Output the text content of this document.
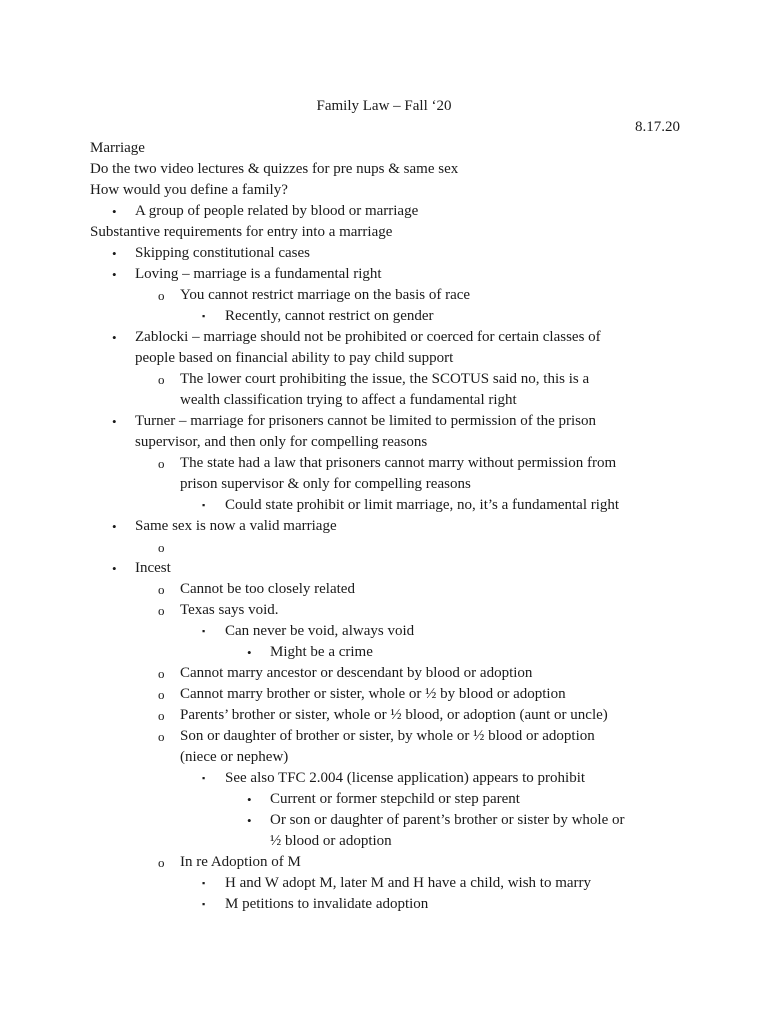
Family Law – Fall ‘20
8.17.20
Marriage
Do the two video lectures & quizzes for pre nups & same sex
How would you define a family?
• A group of people related by blood or marriage
Substantive requirements for entry into a marriage
• Skipping constitutional cases
• Loving – marriage is a fundamental right
o You cannot restrict marriage on the basis of race
▪ Recently, cannot restrict on gender
• Zablocki – marriage should not be prohibited or coerced for certain classes of
people based on financial ability to pay child support
o The lower court prohibiting the issue, the SCOTUS said no, this is a
wealth classification trying to affect a fundamental right
• Turner – marriage for prisoners cannot be limited to permission of the prison
supervisor, and then only for compelling reasons
o The state had a law that prisoners cannot marry without permission from
prison supervisor & only for compelling reasons
▪ Could state prohibit or limit marriage, no, it’s a fundamental right
• Same sex is now a valid marriage
o
• Incest
o Cannot be too closely related
o Texas says void.
▪ Can never be void, always void
• Might be a crime
o Cannot marry ancestor or descendant by blood or adoption
o Cannot marry brother or sister, whole or ½ by blood or adoption
o Parents’ brother or sister, whole or ½ blood, or adoption (aunt or uncle)
o Son or daughter of brother or sister, by whole or ½ blood or adoption
(niece or nephew)
▪ See also TFC 2.004 (license application) appears to prohibit
• Current or former stepchild or step parent
• Or son or daughter of parent’s brother or sister by whole or
½ blood or adoption
o In re Adoption of M
▪ H and W adopt M, later M and H have a child, wish to marry
▪ M petitions to invalidate adoption
